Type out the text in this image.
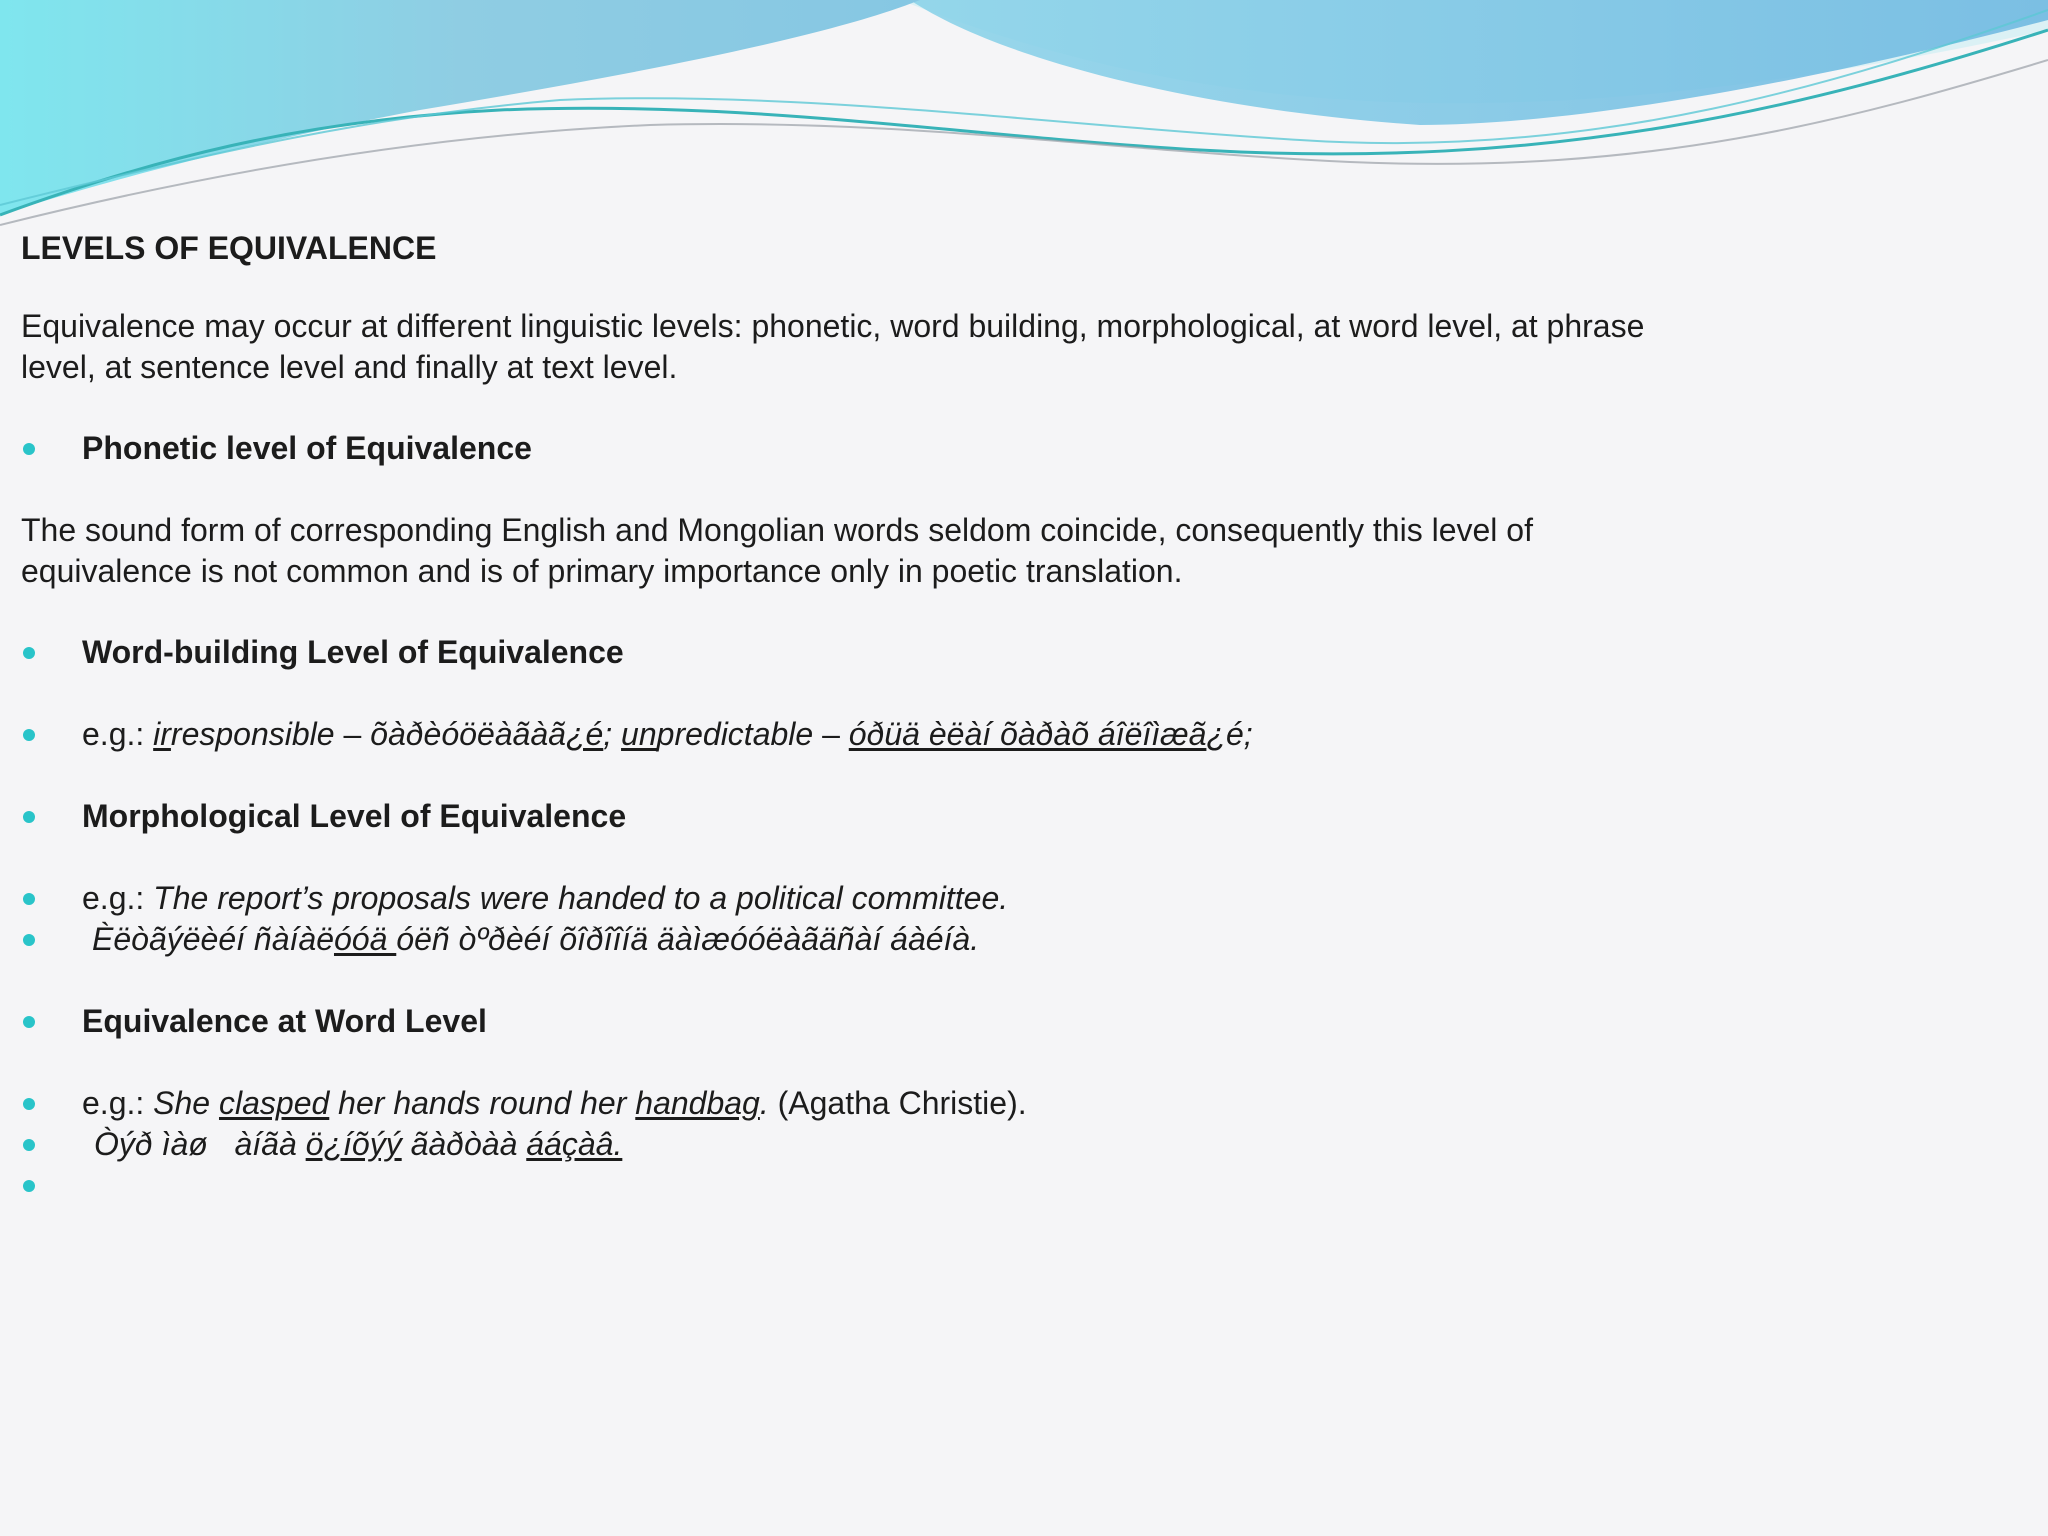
LEVELS OF EQUIVALENCE

Equivalence may occur at different linguistic levels: phonetic, word building, morphological, at word level, at phrase level, at sentence level and finally at text level.

Phonetic level of Equivalence

The sound form of corresponding English and Mongolian words seldom coincide, consequently this level of equivalence is not common and is of primary importance only in poetic translation.

Word-building Level of Equivalence

e.g.: irresponsible – õàðèóöëàãàã¿é; unpredictable – óðüä èëàí õàðàõ áîëîìæã¿é;

Morphological Level of Equivalence

e.g.: The report’s proposals were handed to a political committee.

Èëòãýëèéí ñàíàëóóä óëñ òºðèéí õîðîîíä äàìæóóëàãäñàí áàéíà.

Equivalence at Word Level

e.g.: She clasped her hands round her handbag. (Agatha Christie).

Òýð ìàø   àíãà ö¿íõýý ãàðòàà ááçàâ.
